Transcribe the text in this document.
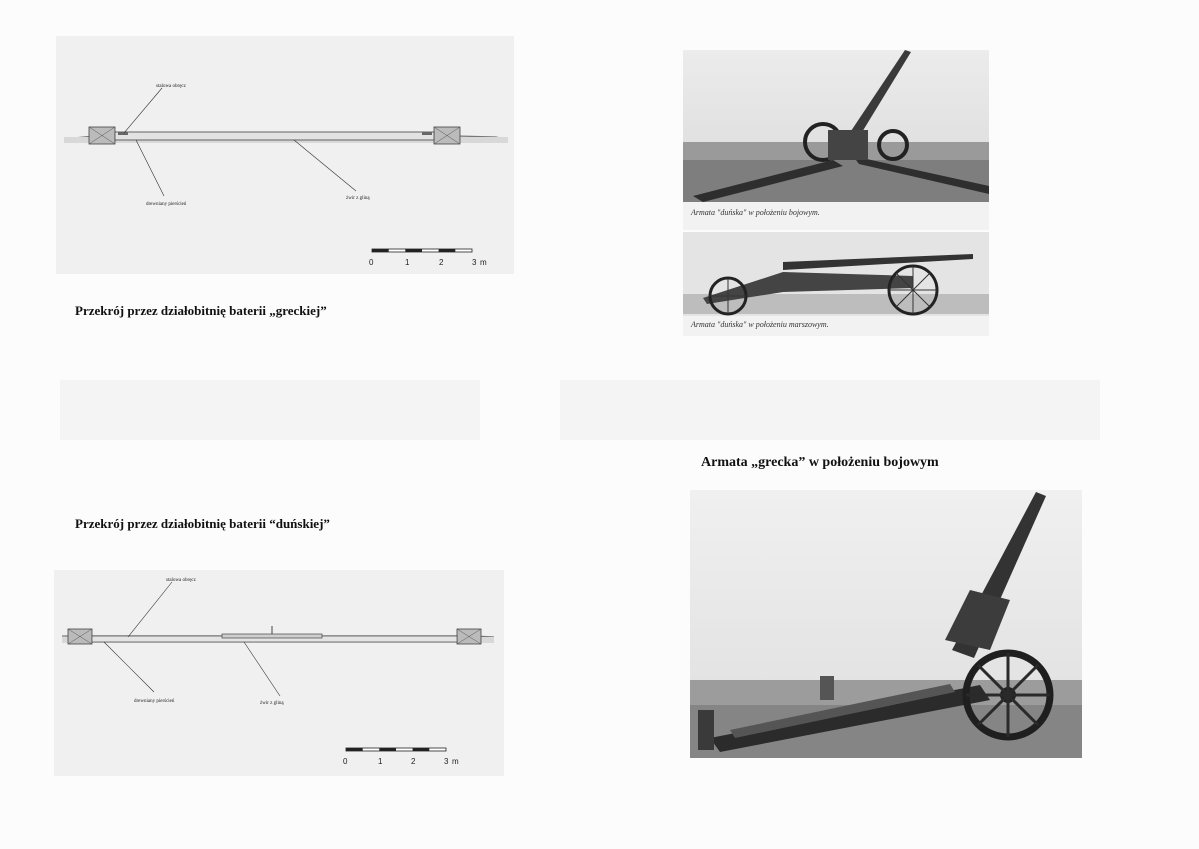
stalowa obręcz
drewniany pierścień
żwir z gliną
0	1	2	3 m
Przekrój przez działobitnię baterii „greckiej”
Przekrój przez działobitnię baterii “duńskiej”
stalowa obręcz
drewniany pierścień	żwir z gliną
0	1	2	3 m
Armata "duńska" w położeniu bojowym.
Armata "duńska" w położeniu marszowym.
Armata „grecka” w położeniu bojowym
